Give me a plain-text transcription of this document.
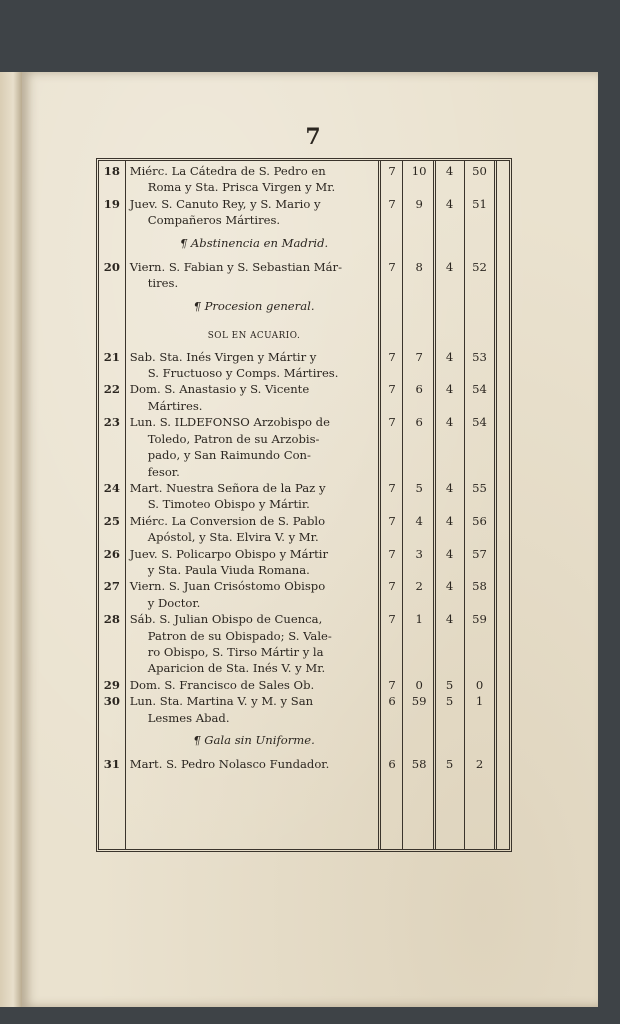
7
18	Miérc. La Cátedra de S. Pedro en
Roma y Sta. Prisca Virgen y Mr.	7	10	4	50	
19	Juev. S. Canuto Rey, y S. Mario y
Compañeros Mártires.	7	9	4	51	
	¶ Abstinencia en Madrid.					
20	Viern. S. Fabian y S. Sebastian Már-
tires.	7	8	4	52	
	¶ Procesion general.					
	SOL EN ACUARIO.					
21	Sab. Sta. Inés Virgen y Mártir y
S. Fructuoso y Comps. Mártires.	7	7	4	53	
22	Dom. S. Anastasio y S. Vicente
Mártires.	7	6	4	54	
23	Lun. S. ILDEFONSO Arzobispo de
Toledo, Patron de su Arzobis-
pado, y San Raimundo Con-
fesor.	7	6	4	54	
24	Mart. Nuestra Señora de la Paz y
S. Timoteo Obispo y Mártir.	7	5	4	55	
25	Miérc. La Conversion de S. Pablo
Apóstol, y Sta. Elvira V. y Mr.	7	4	4	56	
26	Juev. S. Policarpo Obispo y Mártir
y Sta. Paula Viuda Romana.	7	3	4	57	
27	Viern. S. Juan Crisóstomo Obispo
y Doctor.	7	2	4	58	
28	Sáb. S. Julian Obispo de Cuenca,
Patron de su Obispado; S. Vale-
ro Obispo, S. Tirso Mártir y la
Aparicion de Sta. Inés V. y Mr.	7	1	4	59	
29	Dom. S. Francisco de Sales Ob.	7	0	5	0	
30	Lun. Sta. Martina V. y M. y San
Lesmes Abad.	6	59	5	1	
	¶ Gala sin Uniforme.					
31	Mart. S. Pedro Nolasco Fundador.	6	58	5	2	
